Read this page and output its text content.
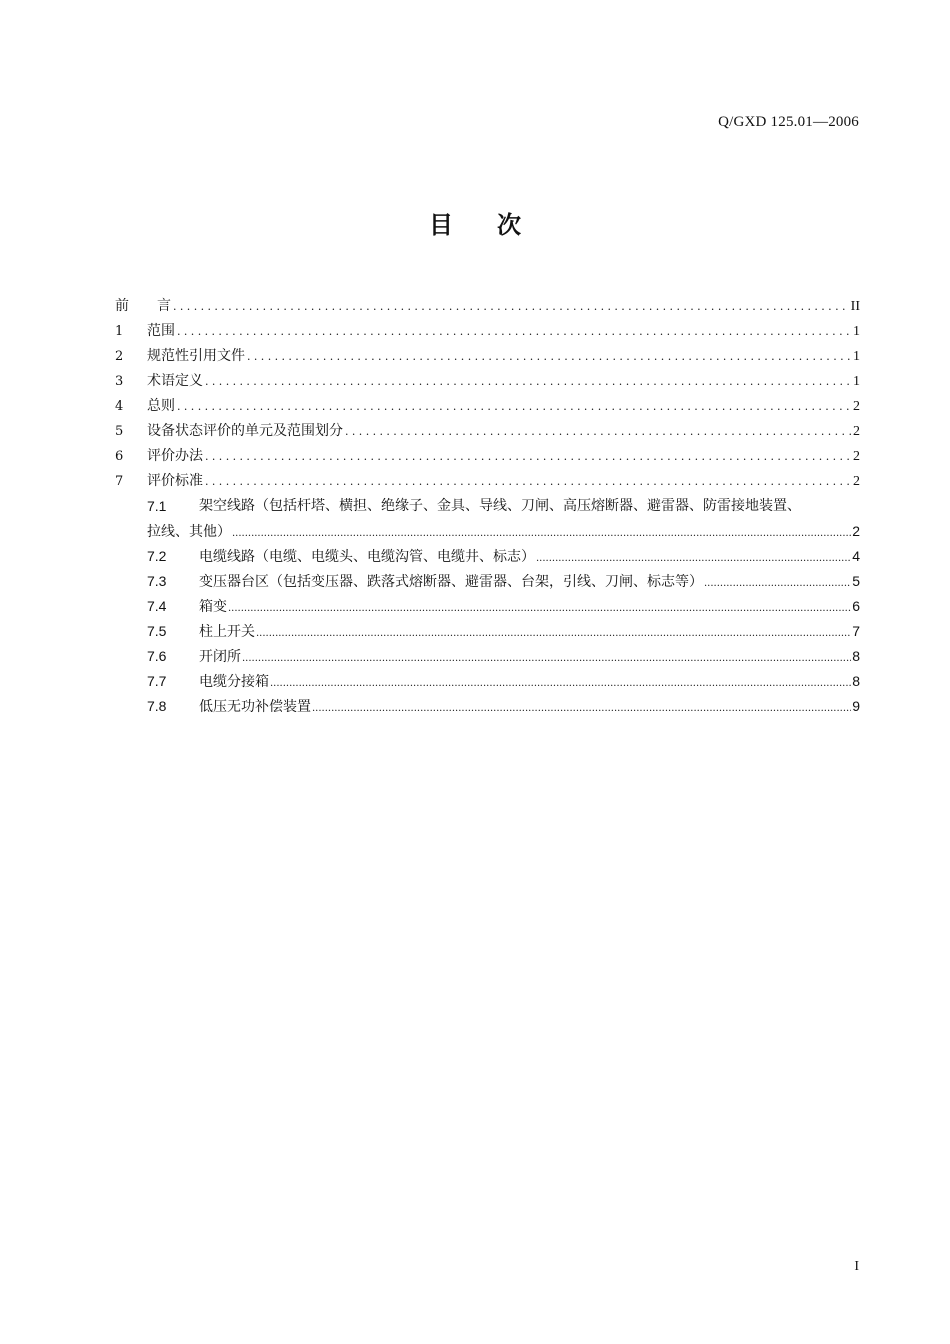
Q/GXD 125.01—2006
目次
前　　言 .....	II
1	范围 .....	1
2	规范性引用文件 .....	1
3	术语定义 .....	1
4	总则 .....	2
5	设备状态评价的单元及范围划分 .....	2
6	评价办法 .....	2
7	评价标准 .....	2
7.1	架空线路（包括杆塔、横担、绝缘子、金具、导线、刀闸、高压熔断器、避雷器、防雷接地装置、
拉线、其他） .....	2
7.2	电缆线路（电缆、电缆头、电缆沟管、电缆井、标志） .....	4
7.3	变压器台区（包括变压器、跌落式熔断器、避雷器、台架，引线、刀闸、标志等） .....	5
7.4	箱变 .....	6
7.5	柱上开关 .....	7
7.6	开闭所 .....	8
7.7	电缆分接箱 .....	8
7.8	低压无功补偿装置 .....	9
I
